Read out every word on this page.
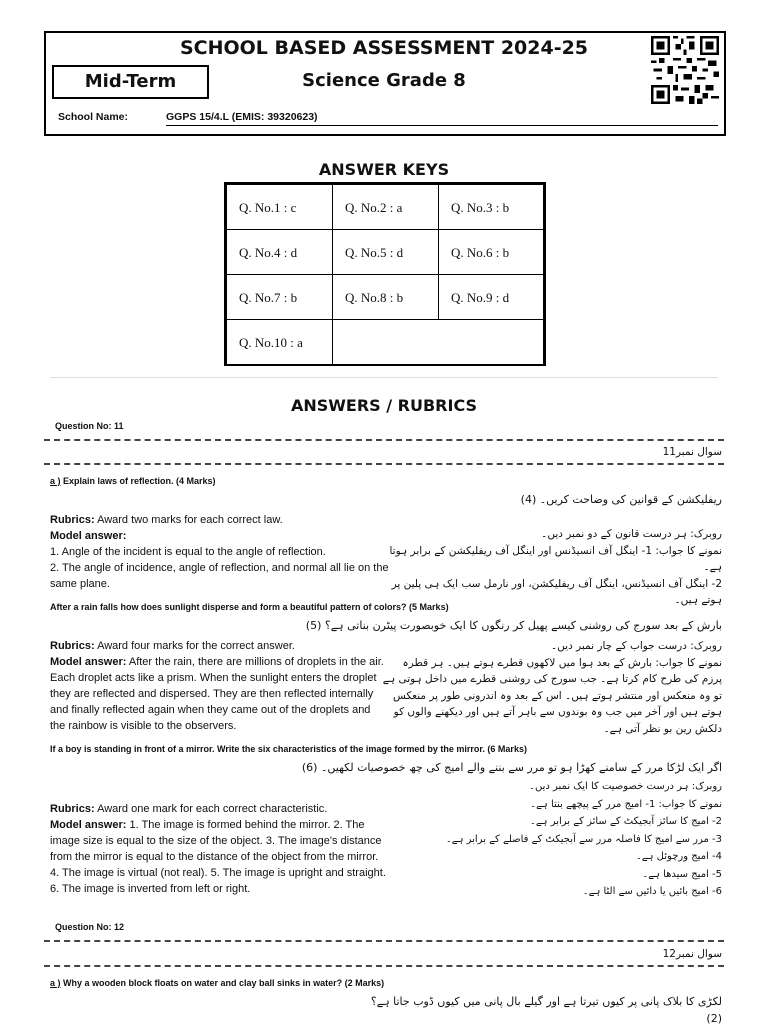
SCHOOL BASED ASSESSMENT 2024-25
Mid-Term	Science Grade 8
School Name:	GGPS 15/4.L (EMIS: 39320623)
ANSWER KEYS
Q. No.1 : c	Q. No.2 : a	Q. No.3 : b
Q. No.4 : d	Q. No.5 : d	Q. No.6 : b
Q. No.7 : b	Q. No.8 : b	Q. No.9 : d
Q. No.10 : a
ANSWERS / RUBRICS
Question No: 11
سوال نمبر11
a ) Explain laws of reflection. (4 Marks)
ریفلیکشن کے قوانین کی وضاحت کریں۔ (4)
Rubrics: Award two marks for each correct law.
Model answer:
1. Angle of the incident is equal to the angle of reflection.
2. The angle of incidence, angle of reflection, and normal all lie on the same plane.
روبرک: ہر درست قانون کے دو نمبر دیں۔
نمونے کا جواب: 1- اینگل آف انسیڈنس اور اینگل آف ریفلیکشن کے برابر ہوتا ہے۔
2- اینگل آف انسیڈنس، اینگل آف ریفلیکشن، اور نارمل سب ایک ہی پلین پر ہوتے ہیں۔
After a rain falls how does sunlight disperse and form a beautiful pattern of colors? (5 Marks)
بارش کے بعد سورج کی روشنی کیسے پھیل کر رنگوں کا ایک خوبصورت پیٹرن بناتی ہے؟ (5)
Rubrics: Award four marks for the correct answer.
Model answer: After the rain, there are millions of droplets in the air. Each droplet acts like a prism. When the sunlight enters the droplet they are reflected and dispersed. They are then reflected internally and finally reflected again when they came out of the droplets and the rainbow is visible to the observers.
روبرک: درست جواب کے چار نمبر دیں۔
نمونے کا جواب: بارش کے بعد ہوا میں لاکھوں قطرے ہوتے ہیں۔ ہر قطرہ پرزم کی طرح کام کرتا ہے۔ جب سورج کی روشنی قطرے میں داخل ہوتی ہے تو وہ منعکس اور منتشر ہوتے ہیں۔ اس کے بعد وہ اندرونی طور پر منعکس ہوتے ہیں اور آخر میں جب وہ بوندوں سے باہر آتے ہیں اور دیکھنے والوں کو دلکش رین بو نظر آتی ہے۔
If a boy is standing in front of a mirror. Write the six characteristics of the image formed by the mirror. (6 Marks)
اگر ایک لڑکا مرر کے سامنے کھڑا ہو تو مرر سے بننے والے امیج کی چھ خصوصیات لکھیں۔ (6)
Rubrics: Award one mark for each correct characteristic.
Model answer: 1. The image is formed behind the mirror. 2. The image size is equal to the size of the object. 3. The image's distance from the mirror is equal to the distance of the object from the mirror. 4. The image is virtual (not real). 5. The image is upright and straight. 6. The image is inverted from left or right.
روبرک: ہر درست خصوصیت کا ایک نمبر دیں۔
نمونے کا جواب: 1- امیج مرر کے پیچھے بنتا ہے۔
2- امیج کا سائز آبجیکٹ کے سائز کے برابر ہے۔
3- مرر سے امیج کا فاصلہ مرر سے آبجیکٹ کے فاصلے کے برابر ہے۔
4- امیج ورچوئل ہے۔
5- امیج سیدھا ہے۔
6- امیج بائیں یا دائیں سے الٹا ہے۔
Question No: 12
سوال نمبر12
a ) Why a wooden block floats on water and clay ball sinks in water? (2 Marks)
لکڑی کا بلاک پانی پر کیوں تیرتا ہے اور گیلے بال پانی میں کیوں ڈوب جاتا ہے؟ (2)
